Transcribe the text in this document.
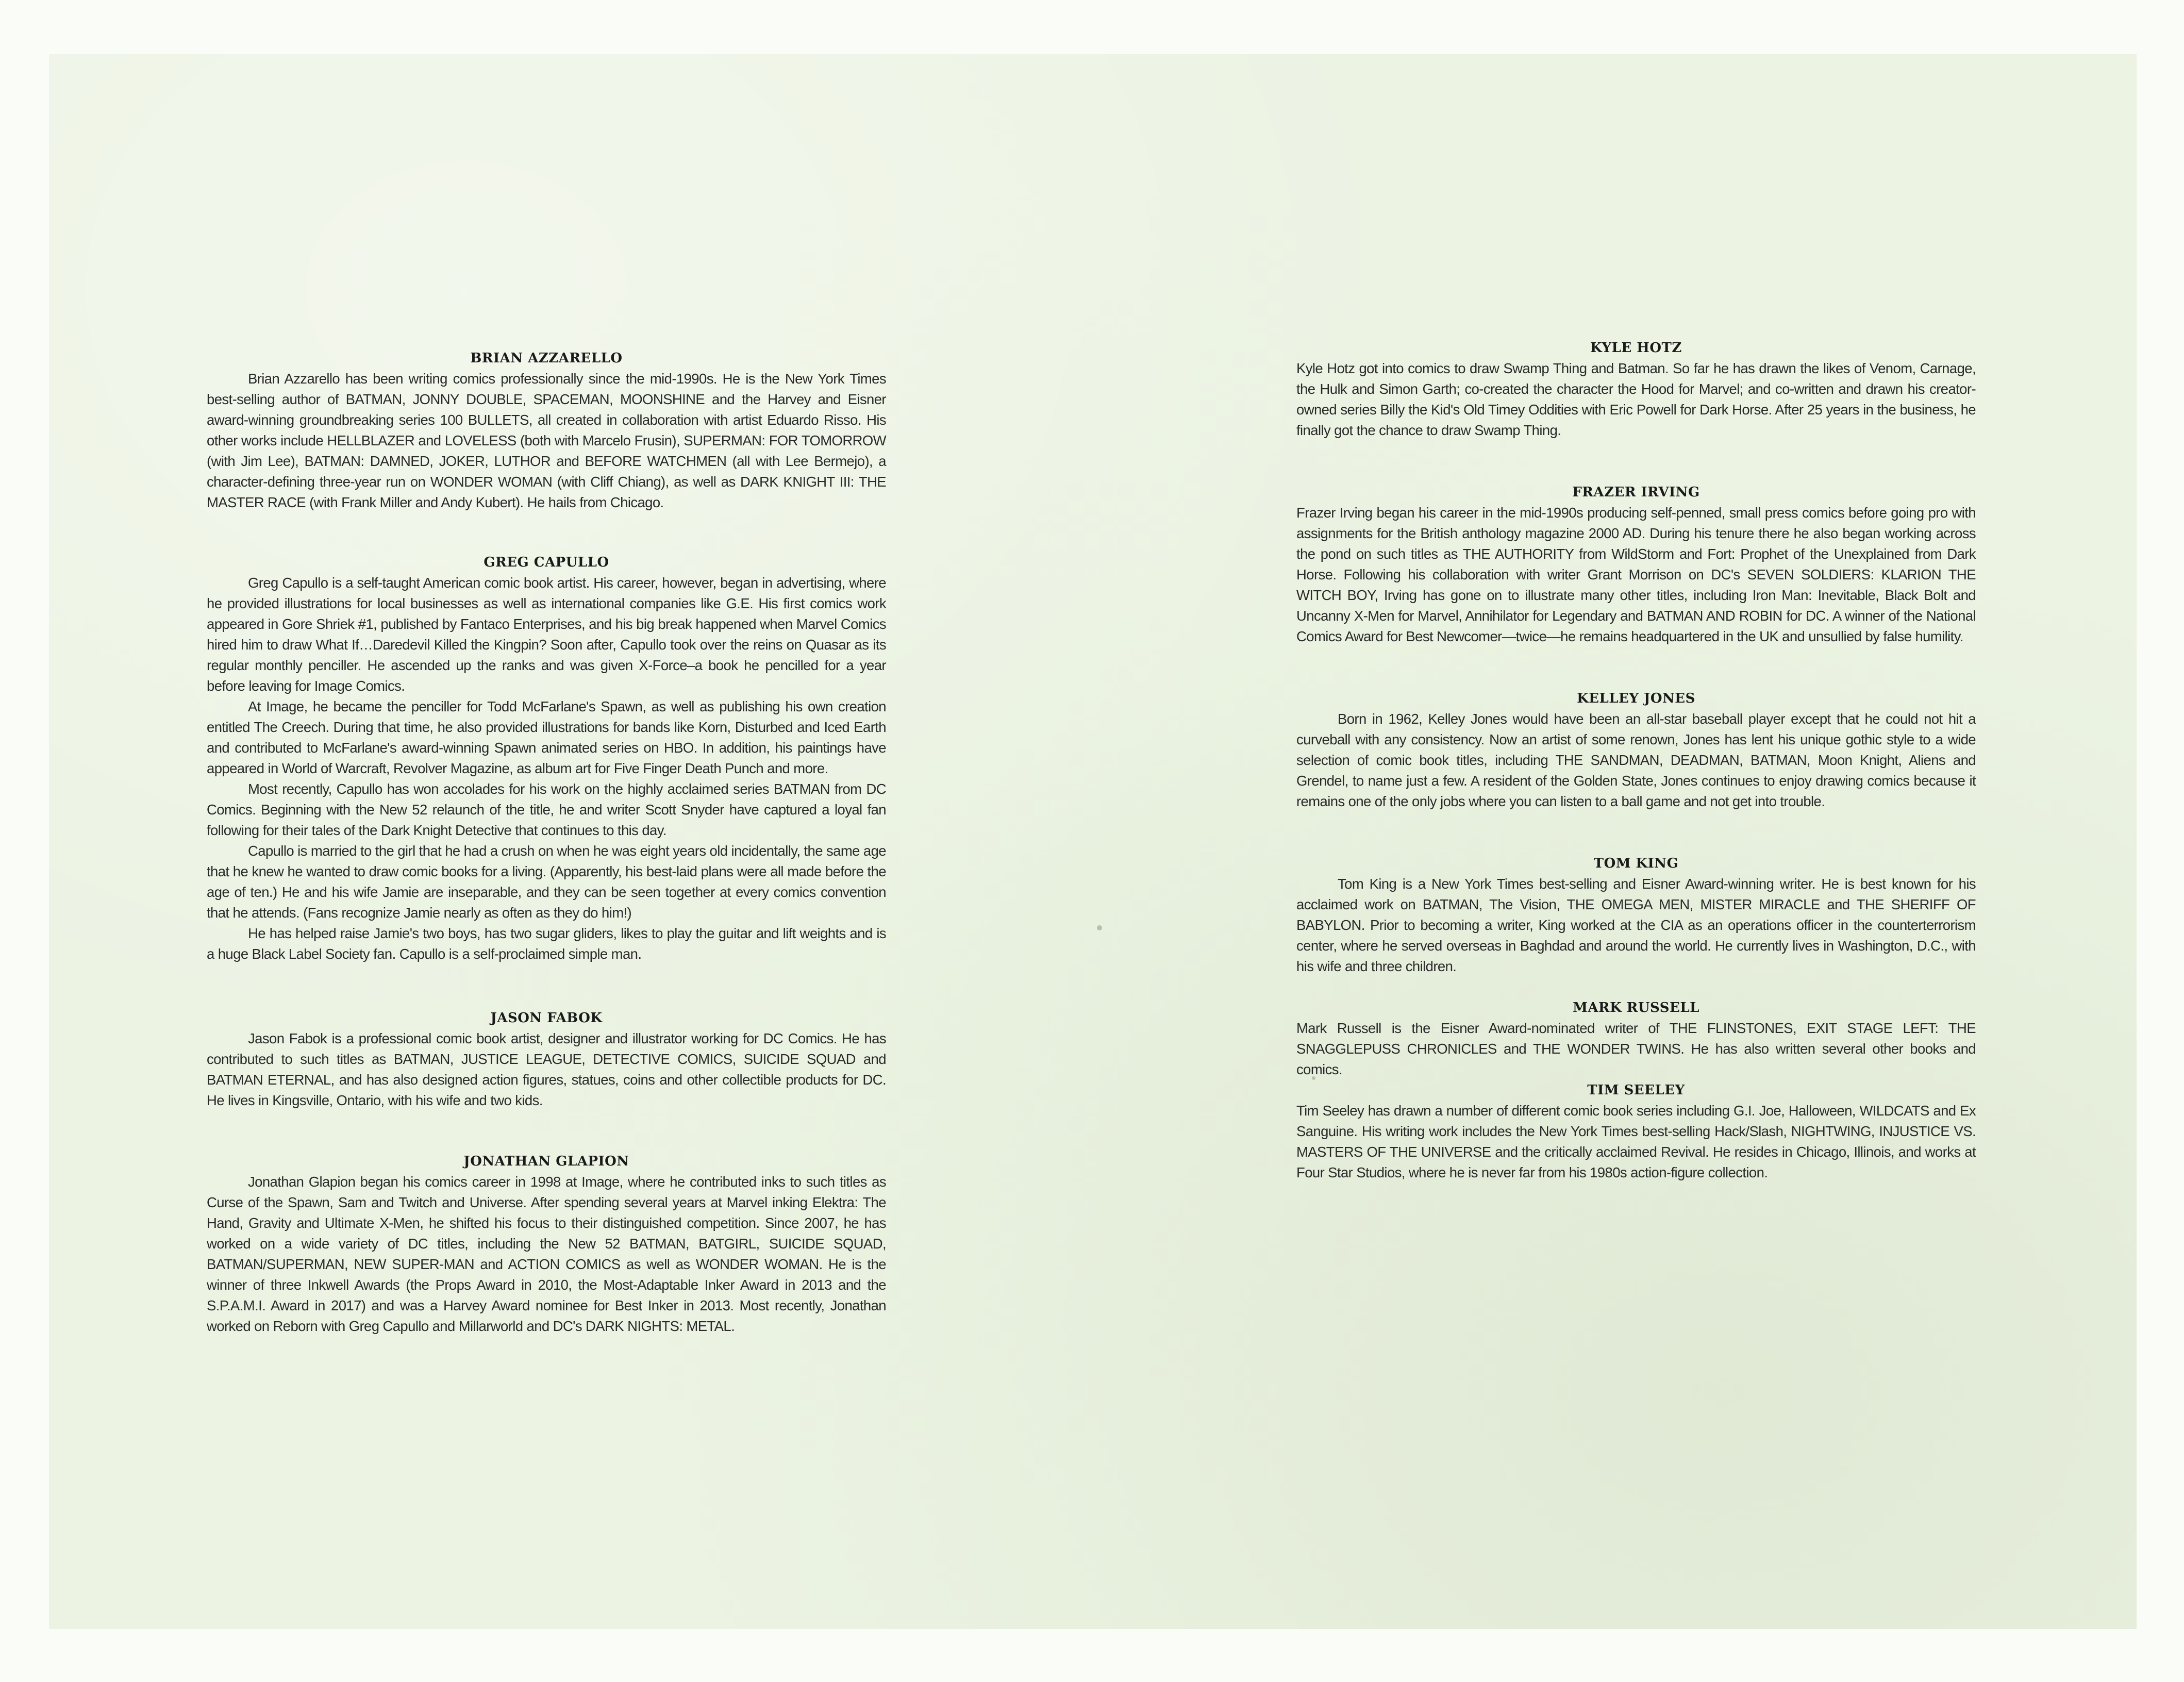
BRIAN AZZARELLO

Brian Azzarello has been writing comics professionally since the mid-1990s. He is the New York Times best-selling author of BATMAN, JONNY DOUBLE, SPACEMAN, MOONSHINE and the Harvey and Eisner award-winning groundbreaking series 100 BULLETS, all created in collaboration with artist Eduardo Risso. His other works include HELLBLAZER and LOVELESS (both with Marcelo Frusin), SUPERMAN: FOR TOMORROW (with Jim Lee), BATMAN: DAMNED, JOKER, LUTHOR and BEFORE WATCHMEN (all with Lee Bermejo), a character-defining three-year run on WONDER WOMAN (with Cliff Chiang), as well as DARK KNIGHT III: THE MASTER RACE (with Frank Miller and Andy Kubert). He hails from Chicago.

GREG CAPULLO

Greg Capullo is a self-taught American comic book artist. His career, however, began in advertising, where he provided illustrations for local businesses as well as international companies like G.E. His first comics work appeared in Gore Shriek #1, published by Fantaco Enterprises, and his big break happened when Marvel Comics hired him to draw What If…Daredevil Killed the Kingpin? Soon after, Capullo took over the reins on Quasar as its regular monthly penciller. He ascended up the ranks and was given X-Force–a book he pencilled for a year before leaving for Image Comics.

At Image, he became the penciller for Todd McFarlane's Spawn, as well as publishing his own creation entitled The Creech. During that time, he also provided illustrations for bands like Korn, Disturbed and Iced Earth and contributed to McFarlane's award-winning Spawn animated series on HBO. In addition, his paintings have appeared in World of Warcraft, Revolver Magazine, as album art for Five Finger Death Punch and more.

Most recently, Capullo has won accolades for his work on the highly acclaimed series BATMAN from DC Comics. Beginning with the New 52 relaunch of the title, he and writer Scott Snyder have captured a loyal fan following for their tales of the Dark Knight Detective that continues to this day.

Capullo is married to the girl that he had a crush on when he was eight years old incidentally, the same age that he knew he wanted to draw comic books for a living. (Apparently, his best-laid plans were all made before the age of ten.) He and his wife Jamie are inseparable, and they can be seen together at every comics convention that he attends. (Fans recognize Jamie nearly as often as they do him!)

He has helped raise Jamie's two boys, has two sugar gliders, likes to play the guitar and lift weights and is a huge Black Label Society fan. Capullo is a self-proclaimed simple man.

JASON FABOK

Jason Fabok is a professional comic book artist, designer and illustrator working for DC Comics. He has contributed to such titles as BATMAN, JUSTICE LEAGUE, DETECTIVE COMICS, SUICIDE SQUAD and BATMAN ETERNAL, and has also designed action figures, statues, coins and other collectible products for DC. He lives in Kingsville, Ontario, with his wife and two kids.

JONATHAN GLAPION

Jonathan Glapion began his comics career in 1998 at Image, where he contributed inks to such titles as Curse of the Spawn, Sam and Twitch and Universe. After spending several years at Marvel inking Elektra: The Hand, Gravity and Ultimate X-Men, he shifted his focus to their distinguished competition. Since 2007, he has worked on a wide variety of DC titles, including the New 52 BATMAN, BATGIRL, SUICIDE SQUAD, BATMAN/SUPERMAN, NEW SUPER-MAN and ACTION COMICS as well as WONDER WOMAN. He is the winner of three Inkwell Awards (the Props Award in 2010, the Most-Adaptable Inker Award in 2013 and the S.P.A.M.I. Award in 2017) and was a Harvey Award nominee for Best Inker in 2013. Most recently, Jonathan worked on Reborn with Greg Capullo and Millarworld and DC's DARK NIGHTS: METAL.

KYLE HOTZ

Kyle Hotz got into comics to draw Swamp Thing and Batman. So far he has drawn the likes of Venom, Carnage, the Hulk and Simon Garth; co-created the character the Hood for Marvel; and co-written and drawn his creator-owned series Billy the Kid's Old Timey Oddities with Eric Powell for Dark Horse. After 25 years in the business, he finally got the chance to draw Swamp Thing.

FRAZER IRVING

Frazer Irving began his career in the mid-1990s producing self-penned, small press comics before going pro with assignments for the British anthology magazine 2000 AD. During his tenure there he also began working across the pond on such titles as THE AUTHORITY from WildStorm and Fort: Prophet of the Unexplained from Dark Horse. Following his collaboration with writer Grant Morrison on DC's SEVEN SOLDIERS: KLARION THE WITCH BOY, Irving has gone on to illustrate many other titles, including Iron Man: Inevitable, Black Bolt and Uncanny X-Men for Marvel, Annihilator for Legendary and BATMAN AND ROBIN for DC. A winner of the National Comics Award for Best Newcomer—twice—he remains headquartered in the UK and unsullied by false humility.

KELLEY JONES

Born in 1962, Kelley Jones would have been an all-star baseball player except that he could not hit a curveball with any consistency. Now an artist of some renown, Jones has lent his unique gothic style to a wide selection of comic book titles, including THE SANDMAN, DEADMAN, BATMAN, Moon Knight, Aliens and Grendel, to name just a few. A resident of the Golden State, Jones continues to enjoy drawing comics because it remains one of the only jobs where you can listen to a ball game and not get into trouble.

TOM KING

Tom King is a New York Times best-selling and Eisner Award-winning writer. He is best known for his acclaimed work on BATMAN, The Vision, THE OMEGA MEN, MISTER MIRACLE and THE SHERIFF OF BABYLON. Prior to becoming a writer, King worked at the CIA as an operations officer in the counterterrorism center, where he served overseas in Baghdad and around the world. He currently lives in Washington, D.C., with his wife and three children.

MARK RUSSELL

Mark Russell is the Eisner Award-nominated writer of THE FLINSTONES, EXIT STAGE LEFT: THE SNAGGLEPUSS CHRONICLES and THE WONDER TWINS. He has also written several other books and comics.

TIM SEELEY

Tim Seeley has drawn a number of different comic book series including G.I. Joe, Halloween, WILDCATS and Ex Sanguine. His writing work includes the New York Times best-selling Hack/Slash, NIGHTWING, INJUSTICE VS. MASTERS OF THE UNIVERSE and the critically acclaimed Revival. He resides in Chicago, Illinois, and works at Four Star Studios, where he is never far from his 1980s action-figure collection.
